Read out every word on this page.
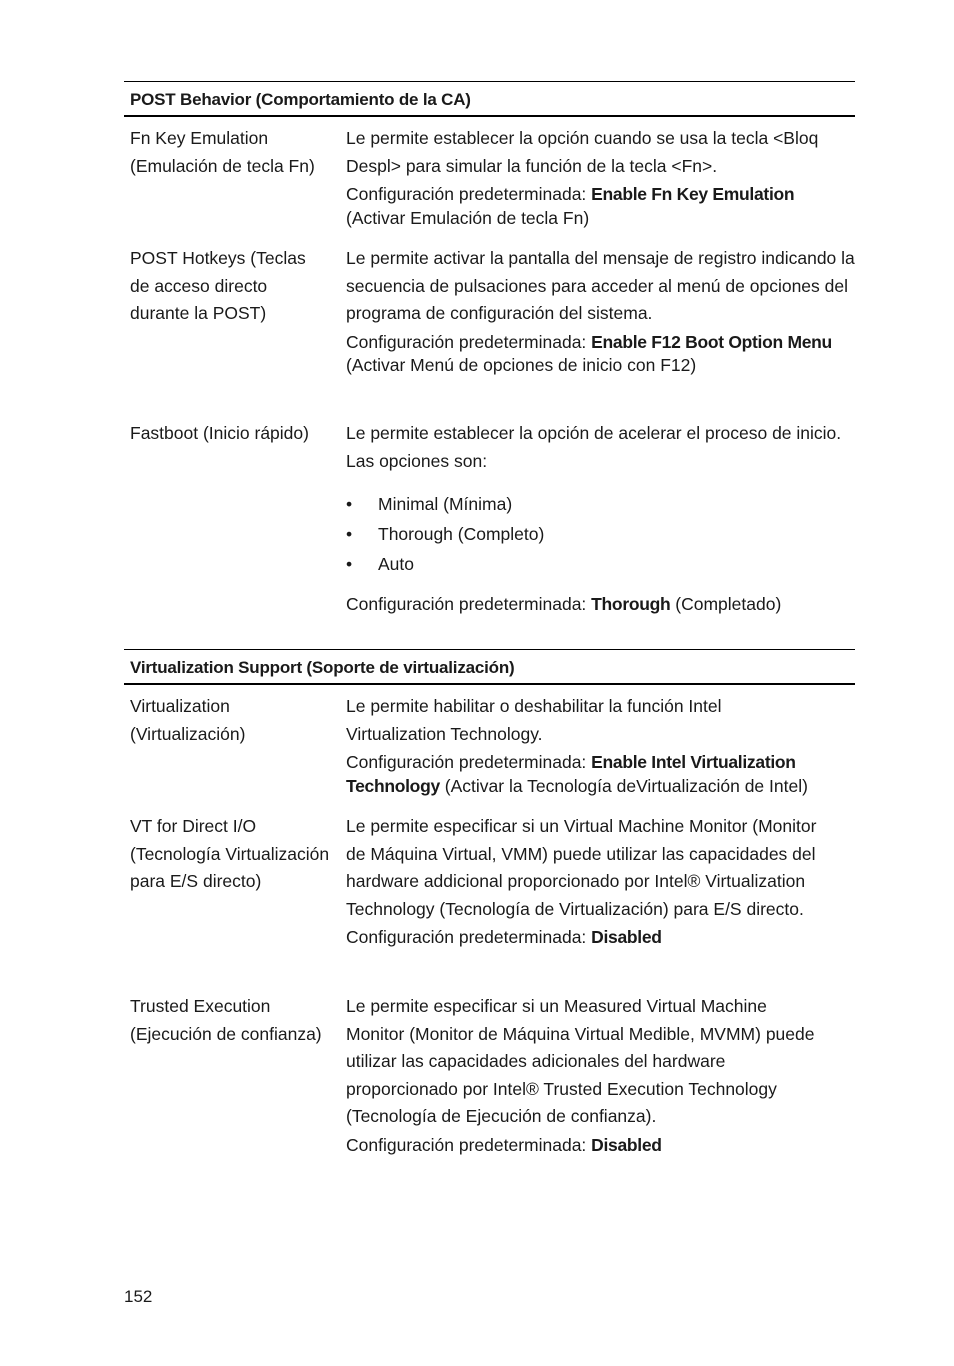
POST Behavior (Comportamiento de la CA)
Fn Key Emulation (Emulación de tecla Fn)

Le permite establecer la opción cuando se usa la tecla <Bloq Despl> para simular la función de la tecla <Fn>.

Configuración predeterminada: Enable Fn Key Emulation (Activar Emulación de tecla Fn)

POST Hotkeys (Teclas de acceso directo durante la POST)

Le permite activar la pantalla del mensaje de registro indicando la secuencia de pulsaciones para acceder al menú de opciones del programa de configuración del sistema.

Configuración predeterminada: Enable F12 Boot Option Menu (Activar Menú de opciones de inicio con F12)

Fastboot (Inicio rápido)	Le permite establecer la opción de acelerar el proceso de inicio. Las opciones son:

• Minimal (Mínima)
• Thorough (Completo)
• Auto

Configuración predeterminada: Thorough (Completado)

Virtualization Support (Soporte de virtualización)
Virtualization (Virtualización)

Le permite habilitar o deshabilitar la función Intel Virtualization Technology.

Configuración predeterminada: Enable Intel Virtualization Technology (Activar la Tecnología deVirtualización de Intel)

VT for Direct I/O (Tecnología Virtualización para E/S directo)

Le permite especificar si un Virtual Machine Monitor (Monitor de Máquina Virtual, VMM) puede utilizar las capacidades del hardware addicional proporcionado por Intel® Virtualization Technology (Tecnología de Virtualización) para E/S directo.

Configuración predeterminada: Disabled

Trusted Execution (Ejecución de confianza)

Le permite especificar si un Measured Virtual Machine Monitor (Monitor de Máquina Virtual Medible, MVMM) puede utilizar las capacidades adicionales del hardware proporcionado por Intel® Trusted Execution Technology (Tecnología de Ejecución de confianza).

Configuración predeterminada: Disabled

152
